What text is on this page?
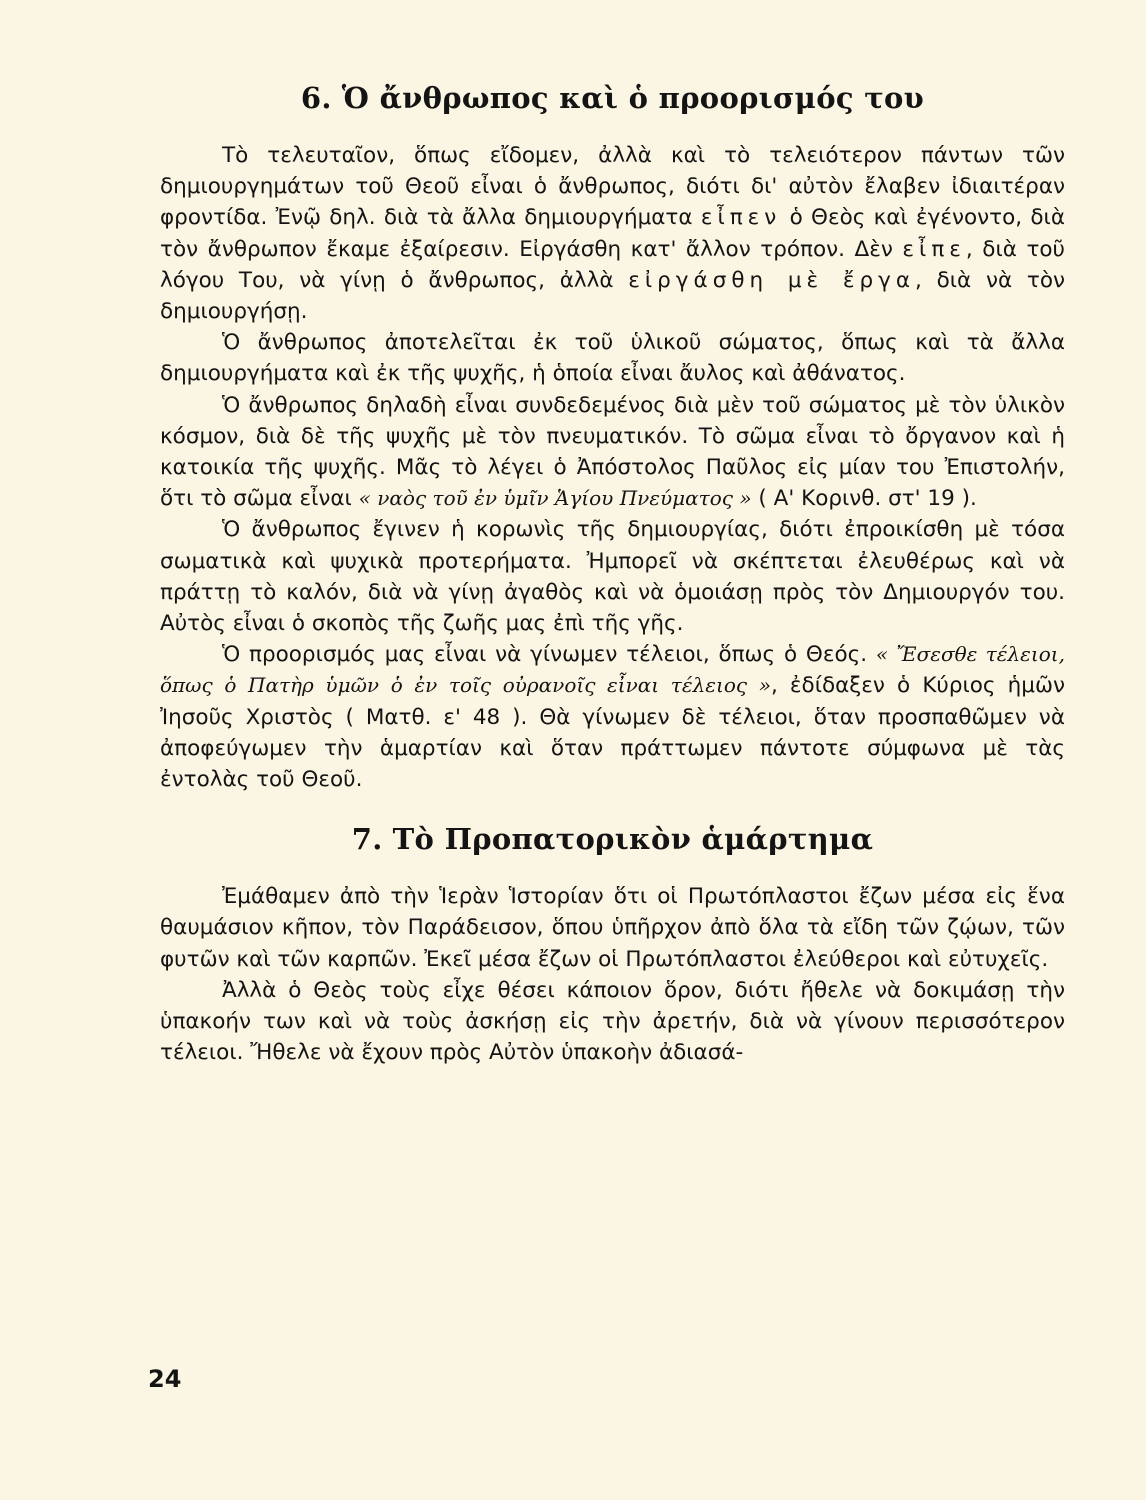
6. Ὁ ἄνθρωπος καὶ ὁ προορισμός του

Τὸ τελευταῖον, ὅπως εἴδομεν, ἀλλὰ καὶ τὸ τελειότερον πάντων τῶν δημιουργημάτων τοῦ Θεοῦ εἶναι ὁ ἄνθρωπος, διότι δι' αὐτὸν ἔλαβεν ἰδιαιτέραν φροντίδα. Ἐνῷ δηλ. διὰ τὰ ἄλλα δημιουργήματα εἶπεν ὁ Θεὸς καὶ ἐγένοντο, διὰ τὸν ἄνθρωπον ἔκαμε ἐξαίρεσιν. Εἰργάσθη κατ' ἄλλον τρόπον. Δὲν εἶπε, διὰ τοῦ λόγου Του, νὰ γίνῃ ὁ ἄνθρωπος, ἀλλὰ εἰργάσθη μὲ ἔργα, διὰ νὰ τὸν δημιουργήσῃ.

Ὁ ἄνθρωπος ἀποτελεῖται ἐκ τοῦ ὑλικοῦ σώματος, ὅπως καὶ τὰ ἄλλα δημιουργήματα καὶ ἐκ τῆς ψυχῆς, ἡ ὁποία εἶναι ἄυλος καὶ ἀθάνατος.

Ὁ ἄνθρωπος δηλαδὴ εἶναι συνδεδεμένος διὰ μὲν τοῦ σώματος μὲ τὸν ὑλικὸν κόσμον, διὰ δὲ τῆς ψυχῆς μὲ τὸν πνευματικόν. Τὸ σῶμα εἶναι τὸ ὄργανον καὶ ἡ κατοικία τῆς ψυχῆς. Μᾶς τὸ λέγει ὁ Ἀπόστολος Παῦλος εἰς μίαν του Ἐπιστολήν, ὅτι τὸ σῶμα εἶναι « ναὸς τοῦ ἐν ὑμῖν Ἁγίου Πνεύματος » ( Α' Κορινθ. στ' 19 ).

Ὁ ἄνθρωπος ἔγινεν ἡ κορωνὶς τῆς δημιουργίας, διότι ἐπροικίσθη μὲ τόσα σωματικὰ καὶ ψυχικὰ προτερήματα. Ἠμπορεῖ νὰ σκέπτεται ἐλευθέρως καὶ νὰ πράττῃ τὸ καλόν, διὰ νὰ γίνῃ ἀγαθὸς καὶ νὰ ὁμοιάσῃ πρὸς τὸν Δημιουργόν του. Αὐτὸς εἶναι ὁ σκοπὸς τῆς ζωῆς μας ἐπὶ τῆς γῆς.

Ὁ προορισμός μας εἶναι νὰ γίνωμεν τέλειοι, ὅπως ὁ Θεός. « Ἔσεσθε τέλειοι, ὅπως ὁ Πατὴρ ὑμῶν ὁ ἐν τοῖς οὐρανοῖς εἶναι τέλειος », ἐδίδαξεν ὁ Κύριος ἡμῶν Ἰησοῦς Χριστὸς ( Ματθ. ε' 48 ). Θὰ γίνωμεν δὲ τέλειοι, ὅταν προσπαθῶμεν νὰ ἀποφεύγωμεν τὴν ἁμαρτίαν καὶ ὅταν πράττωμεν πάντοτε σύμφωνα μὲ τὰς ἐντολὰς τοῦ Θεοῦ.

7. Τὸ Προπατορικὸν ἁμάρτημα

Ἐμάθαμεν ἀπὸ τὴν Ἱερὰν Ἱστορίαν ὅτι οἱ Πρωτόπλαστοι ἔζων μέσα εἰς ἕνα θαυμάσιον κῆπον, τὸν Παράδεισον, ὅπου ὑπῆρχον ἀπὸ ὅλα τὰ εἴδη τῶν ζῴων, τῶν φυτῶν καὶ τῶν καρπῶν. Ἐκεῖ μέσα ἔζων οἱ Πρωτόπλαστοι ἐλεύθεροι καὶ εὐτυχεῖς.

Ἀλλὰ ὁ Θεὸς τοὺς εἶχε θέσει κάποιον ὅρον, διότι ἤθελε νὰ δοκιμάσῃ τὴν ὑπακοήν των καὶ νὰ τοὺς ἀσκήσῃ εἰς τὴν ἀρετήν, διὰ νὰ γίνουν περισσότερον τέλειοι. Ἤθελε νὰ ἔχουν πρὸς Αὐτὸν ὑπακοὴν ἀδιασά-

24
